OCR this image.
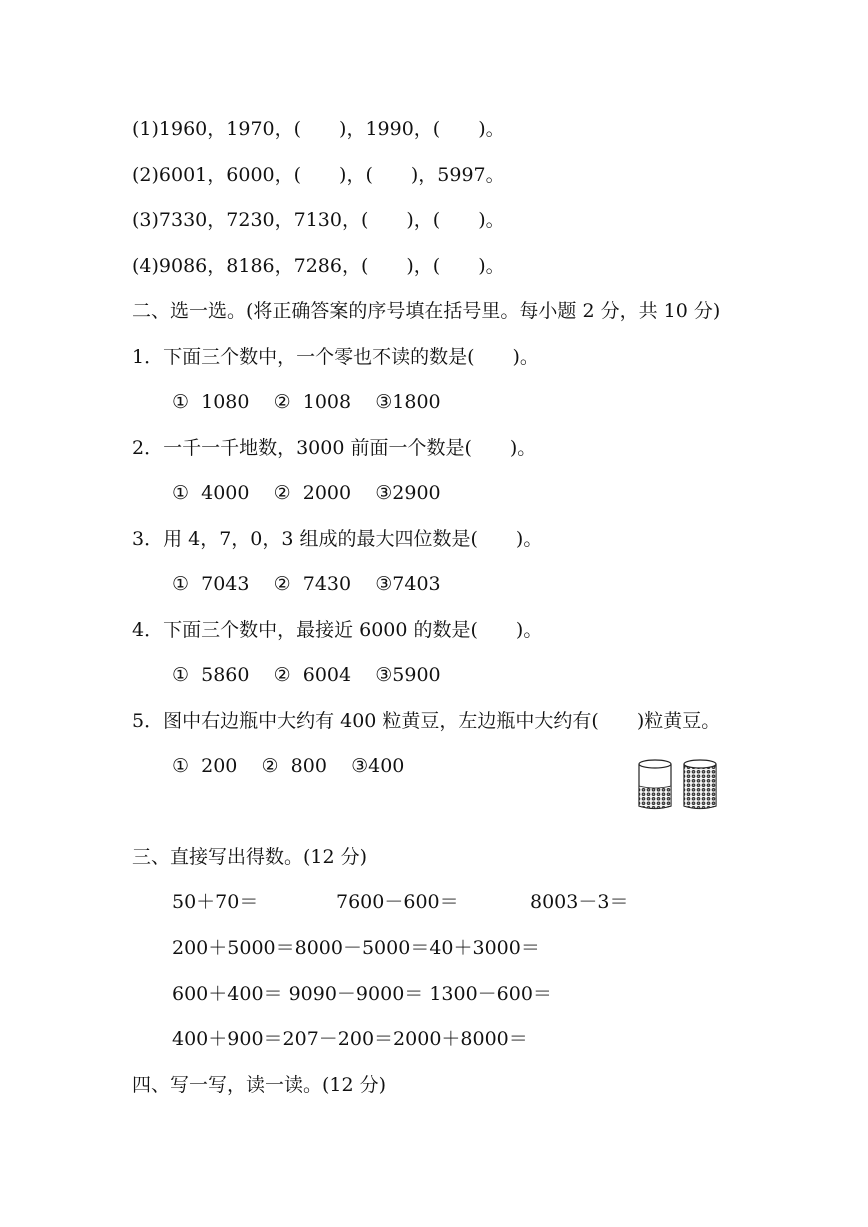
(1)1960，1970，(　　)，1990，(　　)。
(2)6001，6000，(　　)，(　　)，5997。
(3)7330，7230，7130，(　　)，(　　)。
(4)9086，8186，7286，(　　)，(　　)。
二、选一选。(将正确答案的序号填在括号里。每小题 2 分，共 10 分)
1．下面三个数中，一个零也不读的数是(　　)。
①  1080    ②  1008    ③1800
2．一千一千地数，3000 前面一个数是(　　)。
①  4000    ②  2000    ③2900
3．用 4，7，0，3 组成的最大四位数是(　　)。
①  7043    ②  7430    ③7403
4．下面三个数中，最接近 6000 的数是(　　)。
①  5860    ②  6004    ③5900
5．图中右边瓶中大约有 400 粒黄豆，左边瓶中大约有(　　)粒黄豆。
①  200    ②  800    ③400
三、直接写出得数。(12 分)
50＋70＝	7600－600＝	8003－3＝
200＋5000＝8000－5000＝40＋3000＝
600＋400＝ 9090－9000＝ 1300－600＝
400＋900＝207－200＝2000＋8000＝
四、写一写，读一读。(12 分)
